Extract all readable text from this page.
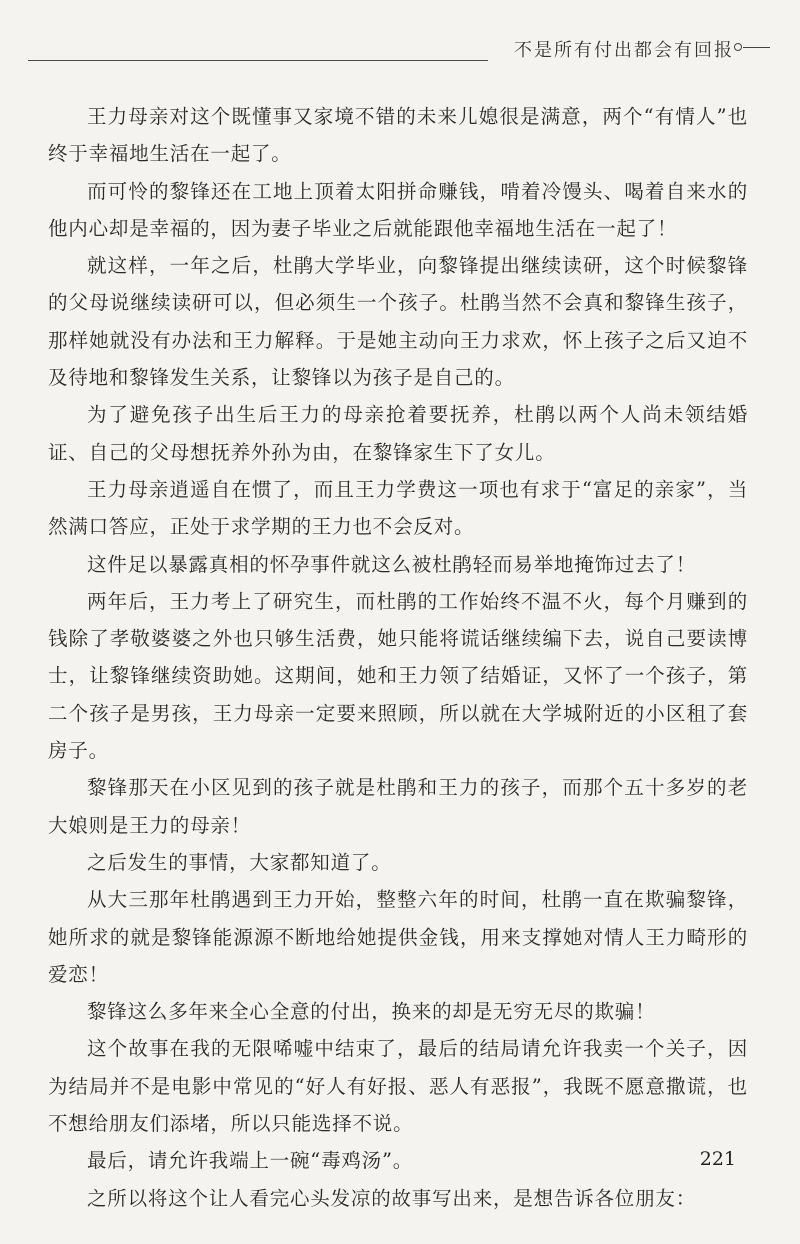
不是所有付出都会有回报

王力母亲对这个既懂事又家境不错的未来儿媳很是满意，两个“有情人”也终于幸福地生活在一起了。

而可怜的黎锋还在工地上顶着太阳拼命赚钱，啃着冷馒头、喝着自来水的他内心却是幸福的，因为妻子毕业之后就能跟他幸福地生活在一起了！

就这样，一年之后，杜鹃大学毕业，向黎锋提出继续读研，这个时候黎锋的父母说继续读研可以，但必须生一个孩子。杜鹃当然不会真和黎锋生孩子，那样她就没有办法和王力解释。于是她主动向王力求欢，怀上孩子之后又迫不及待地和黎锋发生关系，让黎锋以为孩子是自己的。

为了避免孩子出生后王力的母亲抢着要抚养，杜鹃以两个人尚未领结婚证、自己的父母想抚养外孙为由，在黎锋家生下了女儿。

王力母亲逍遥自在惯了，而且王力学费这一项也有求于“富足的亲家”，当然满口答应，正处于求学期的王力也不会反对。

这件足以暴露真相的怀孕事件就这么被杜鹃轻而易举地掩饰过去了！

两年后，王力考上了研究生，而杜鹃的工作始终不温不火，每个月赚到的钱除了孝敬婆婆之外也只够生活费，她只能将谎话继续编下去，说自己要读博士，让黎锋继续资助她。这期间，她和王力领了结婚证，又怀了一个孩子，第二个孩子是男孩，王力母亲一定要来照顾，所以就在大学城附近的小区租了套房子。

黎锋那天在小区见到的孩子就是杜鹃和王力的孩子，而那个五十多岁的老大娘则是王力的母亲！

之后发生的事情，大家都知道了。

从大三那年杜鹃遇到王力开始，整整六年的时间，杜鹃一直在欺骗黎锋，她所求的就是黎锋能源源不断地给她提供金钱，用来支撑她对情人王力畸形的爱恋！

黎锋这么多年来全心全意的付出，换来的却是无穷无尽的欺骗！

这个故事在我的无限唏嘘中结束了，最后的结局请允许我卖一个关子，因为结局并不是电影中常见的“好人有好报、恶人有恶报”，我既不愿意撒谎，也不想给朋友们添堵，所以只能选择不说。

最后，请允许我端上一碗“毒鸡汤”。

之所以将这个让人看完心头发凉的故事写出来，是想告诉各位朋友：

221
